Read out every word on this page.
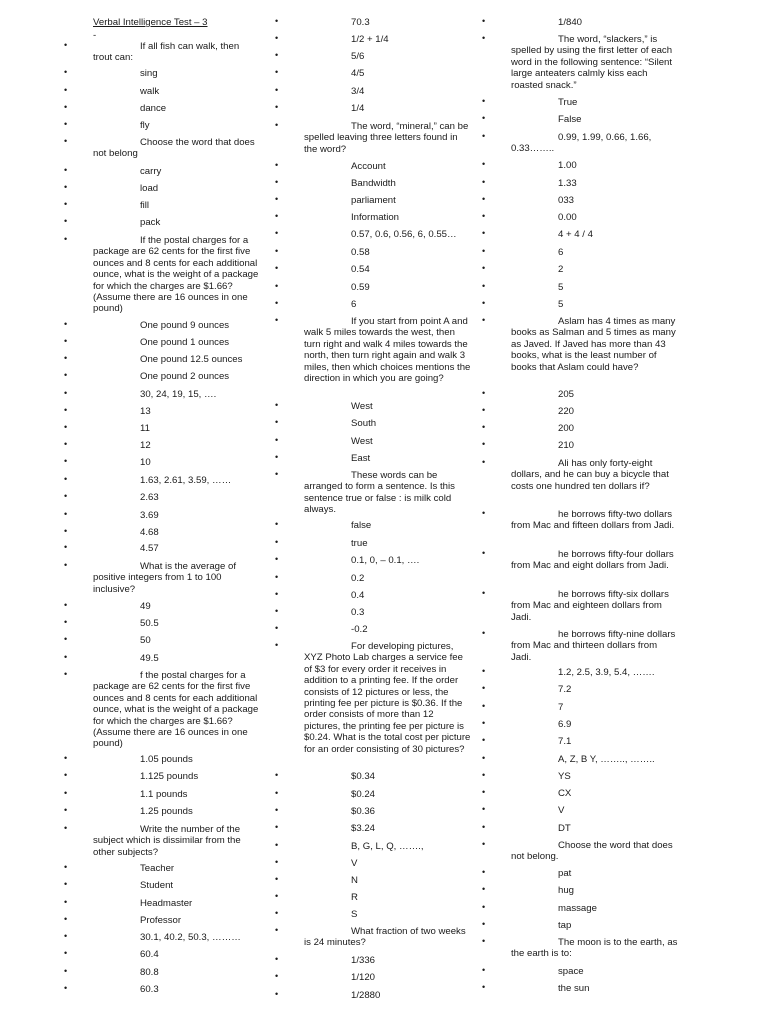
Verbal Intelligence Test – 3
-
•	If all fish can walk, then trout can:
•	sing
•	walk
•	dance
•	fly
•	Choose the word that does not belong
•	carry
•	load
•	fill
•	pack
•	If the postal charges for a package are 62 cents for the first five ounces and 8 cents for each additional ounce, what is the weight of a package for which the charges are $1.66? (Assume there are 16 ounces in one pound)
•	One pound 9 ounces
•	One pound 1 ounces
•	One pound 12.5 ounces
•	One pound 2 ounces
•	30, 24, 19, 15, ….
•	13
•	11
•	12
•	10
•	1.63, 2.61, 3.59, ……
•	2.63
•	3.69
•	4.68
•	4.57
•	What is the average of positive integers from 1 to 100 inclusive?
•	49
•	50.5
•	50
•	49.5
•	f the postal charges for a package are 62 cents for the first five ounces and 8 cents for each additional ounce, what is the weight of a package for which the charges are $1.66? (Assume there are 16 ounces in one pound)
•	1.05 pounds
•	1.125 pounds
•	1.1 pounds
•	1.25 pounds
•	Write the number of the subject which is dissimilar from the other subjects?
•	Teacher
•	Student
•	Headmaster
•	Professor
•	30.1, 40.2, 50.3, ………
•	60.4
•	80.8
•	60.3
•	70.3
•	1/2 + 1/4
•	5/6
•	4/5
•	3/4
•	1/4
•	The word, “mineral,” can be spelled leaving three letters found in the word?
•	Account
•	Bandwidth
•	parliament
•	Information
•	0.57, 0.6, 0.56, 6, 0.55…
•	0.58
•	0.54
•	0.59
•	6
•	If you start from point A and walk 5 miles towards the west, then turn right and walk 4 miles towards the north, then turn right again and walk 3 miles, then which choices mentions the direction in which you are going?
•	West
•	South
•	West
•	East
•	These words can be arranged to form a sentence. Is this sentence true or false : is milk cold always.
•	false
•	true
•	0.1, 0, – 0.1, ….
•	0.2
•	0.4
•	0.3
•	-0.2
•	For developing pictures, XYZ Photo Lab charges a service fee of $3 for every order it receives in addition to a printing fee. If the order consists of 12 pictures or less, the printing fee per picture is $0.36. If the order consists of more than 12 pictures, the printing fee per picture is $0.24. What is the total cost per picture for an order consisting of 30 pictures?
•	$0.34
•	$0.24
•	$0.36
•	$3.24
•	B, G, L, Q, …….,
•	V
•	N
•	R
•	S
•	What fraction of two weeks is 24 minutes?
•	1/336
•	1/120
•	1/2880
•	1/840
•	The word, “slackers,” is spelled by using the first letter of each word in the following sentence: “Silent large anteaters calmly kiss each roasted snack.”
•	True
•	False
•	0.99, 1.99, 0.66, 1.66, 0.33……..
•	1.00
•	1.33
•	033
•	0.00
•	4 + 4 / 4
•	6
•	2
•	5
•	5
•	Aslam has 4 times as many books as Salman and 5 times as many as Javed. If Javed has more than 43 books, what is the least number of books that Aslam could have?
•	205
•	220
•	200
•	210
•	Ali has only forty-eight dollars, and he can buy a bicycle that costs one hundred ten dollars if?
•	he borrows fifty-two dollars from Mac and fifteen dollars from Jadi.
•	he borrows fifty-four dollars from Mac and eight dollars from Jadi.
•	he borrows fifty-six dollars from Mac and eighteen dollars from Jadi.
•	he borrows fifty-nine dollars from Mac and thirteen dollars from Jadi.
•	1.2, 2.5, 3.9, 5.4, …….
•	7.2
•	7
•	6.9
•	7.1
•	A, Z, B Y, …….., ……..
•	YS
•	CX
•	V
•	DT
•	Choose the word that does not belong.
•	pat
•	hug
•	massage
•	tap
•	The moon is to the earth, as the earth is to:
•	space
•	the sun
